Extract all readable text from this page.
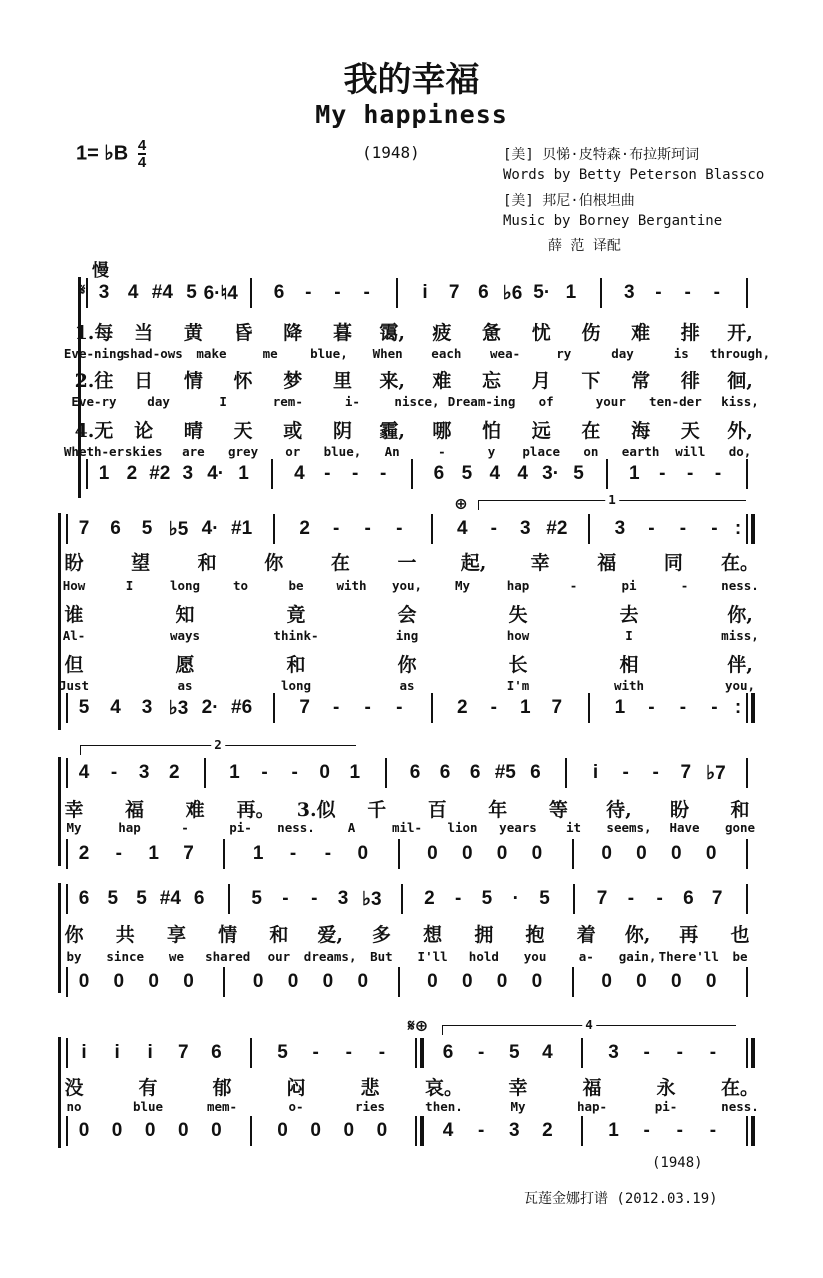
我的幸福
My happiness
1= ♭B $\frac{4}{4}$	(1948)	[美] 贝悌·皮特森·布拉斯珂词
Words by Betty Peterson Blassco
[美] 邦尼·伯根坦曲
Music by Borney Bergantine
薛 范 译配
慢
3 4 #4 5 6·♮4 6 - - -	i 7 6 ♭6 5· 1	3 - - -
1.每 当 黄 昏 降 暮 霭, 疲 惫 忧 伤 难 排 开,
Eve-ning
shad-ows make	me	blue, When each wea-	ry	day	is through,
2.往 日 情 怀 梦 里 来, 难 忘 月 下 常 徘 徊,
Eve-ry day	I	rem-	i-	nisce, Dream-ing of	your ten-der kiss,
4.无 论 晴 天 或 阴 霾, 哪 怕 远 在 海 天 外,
Wheth-er skies are grey or blue, An	-	y place on earth will do,
1 2 #2 3 4· 1 4 - - - 6 5 4 4 3· 5 1 - - -
7 6 5 ♭5 4· #1 2 - - -	4 - 3 #2 3 - - - :
盼	望	和	你	在	一 起, 幸	福	同 在。
How	I	long	to	be	with you,	My	hap	-	pi	-	ness.
谁	知	竟	会	失	去	你,
Al-	ways	think-	ing	how	I	miss,
但	愿	和	你	长	相	伴,
Just	as	long	as	I'm	with	you,
5 4 3 ♭3 2· #6 7 - - -	2 - 1 7	1 - - - :
1
4 - 3 2	1 - - 0 1	6 6 6 #5 6	i - - 7 ♭7
幸 福 难 再。 3.似 千 百 年 等 待, 盼 和
My	hap	-	pi- ness.	A	mil- lion years it seems, Have gone
2 - 1 7	1 - - 0	0 0 0 0	0 0 0 0
2
6 5 5 #4 6 5 - - 3 ♭3 2 - 5 · 5 7 - - 6 7
你 共 享 情 和 爱, 多 想 拥 抱 着 你, 再 也
by since we shared our dreams, But I'll hold you	a- gain, There'll be
0 0 0 0	0 0 0 0	0 0 0 0	0 0 0 0
i i i 7 6	5 - - -	6 - 5 4	3 - - -
没	有	郁	闷	悲 哀。 幸	福	永 在。
no	blue	mem-	o-	ries	then.	My	hap-	pi-	ness.
0 0 0 0 0	0 0 0 0	4 - 3 2	1 - - -
4
𝄋
⊕
𝄋⊕
(1948)
瓦莲金娜打谱 (2012.03.19)
